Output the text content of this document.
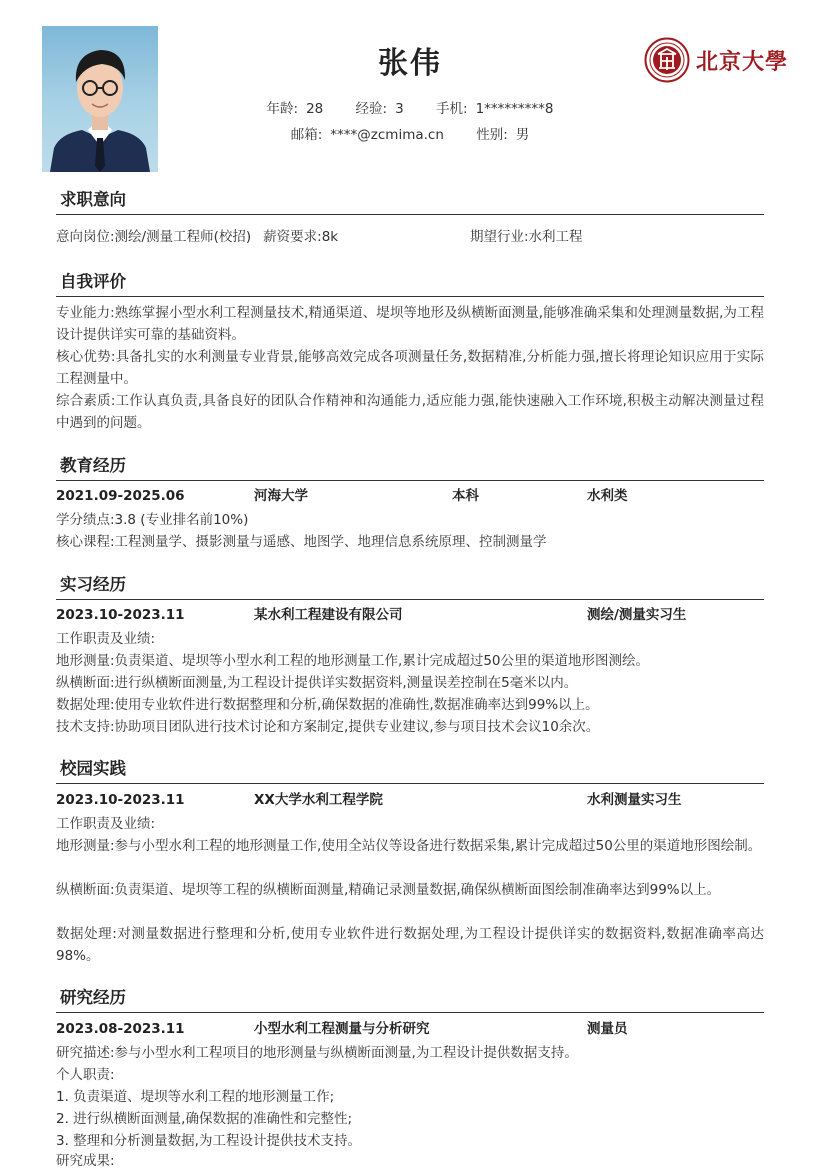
张伟
年龄: 28 经验: 3 手机: 1*********8
邮箱: ****@zcmima.cn 性别: 男
北京大學
求职意向
意向岗位:测绘/测量工程师(校招) 薪资要求:8k	期望行业:水利工程
自我评价
专业能力:熟练掌握小型水利工程测量技术,精通渠道、堤坝等地形及纵横断面测量,能够准确采集和处理测量数据,为工程设计提供详实可靠的基础资料。
核心优势:具备扎实的水利测量专业背景,能够高效完成各项测量任务,数据精准,分析能力强,擅长将理论知识应用于实际工程测量中。
综合素质:工作认真负责,具备良好的团队合作精神和沟通能力,适应能力强,能快速融入工作环境,积极主动解决测量过程中遇到的问题。
教育经历
2021.09-2025.06	河海大学	本科	水利类
学分绩点:3.8 (专业排名前10%)
核心课程:工程测量学、摄影测量与遥感、地图学、地理信息系统原理、控制测量学
实习经历
2023.10-2023.11	某水利工程建设有限公司	测绘/测量实习生
工作职责及业绩:
地形测量:负责渠道、堤坝等小型水利工程的地形测量工作,累计完成超过50公里的渠道地形图测绘。
纵横断面:进行纵横断面测量,为工程设计提供详实数据资料,测量误差控制在5毫米以内。
数据处理:使用专业软件进行数据整理和分析,确保数据的准确性,数据准确率达到99%以上。
技术支持:协助项目团队进行技术讨论和方案制定,提供专业建议,参与项目技术会议10余次。
校园实践
2023.10-2023.11	XX大学水利工程学院	水利测量实习生
工作职责及业绩:
地形测量:参与小型水利工程的地形测量工作,使用全站仪等设备进行数据采集,累计完成超过50公里的渠道地形图绘制。
纵横断面:负责渠道、堤坝等工程的纵横断面测量,精确记录测量数据,确保纵横断面图绘制准确率达到99%以上。
数据处理:对测量数据进行整理和分析,使用专业软件进行数据处理,为工程设计提供详实的数据资料,数据准确率高达98%。
研究经历
2023.08-2023.11	小型水利工程测量与分析研究	测量员
研究描述:参与小型水利工程项目的地形测量与纵横断面测量,为工程设计提供数据支持。
个人职责:
1. 负责渠道、堤坝等水利工程的地形测量工作;
2. 进行纵横断面测量,确保数据的准确性和完整性;
3. 整理和分析测量数据,为工程设计提供技术支持。
研究成果:
